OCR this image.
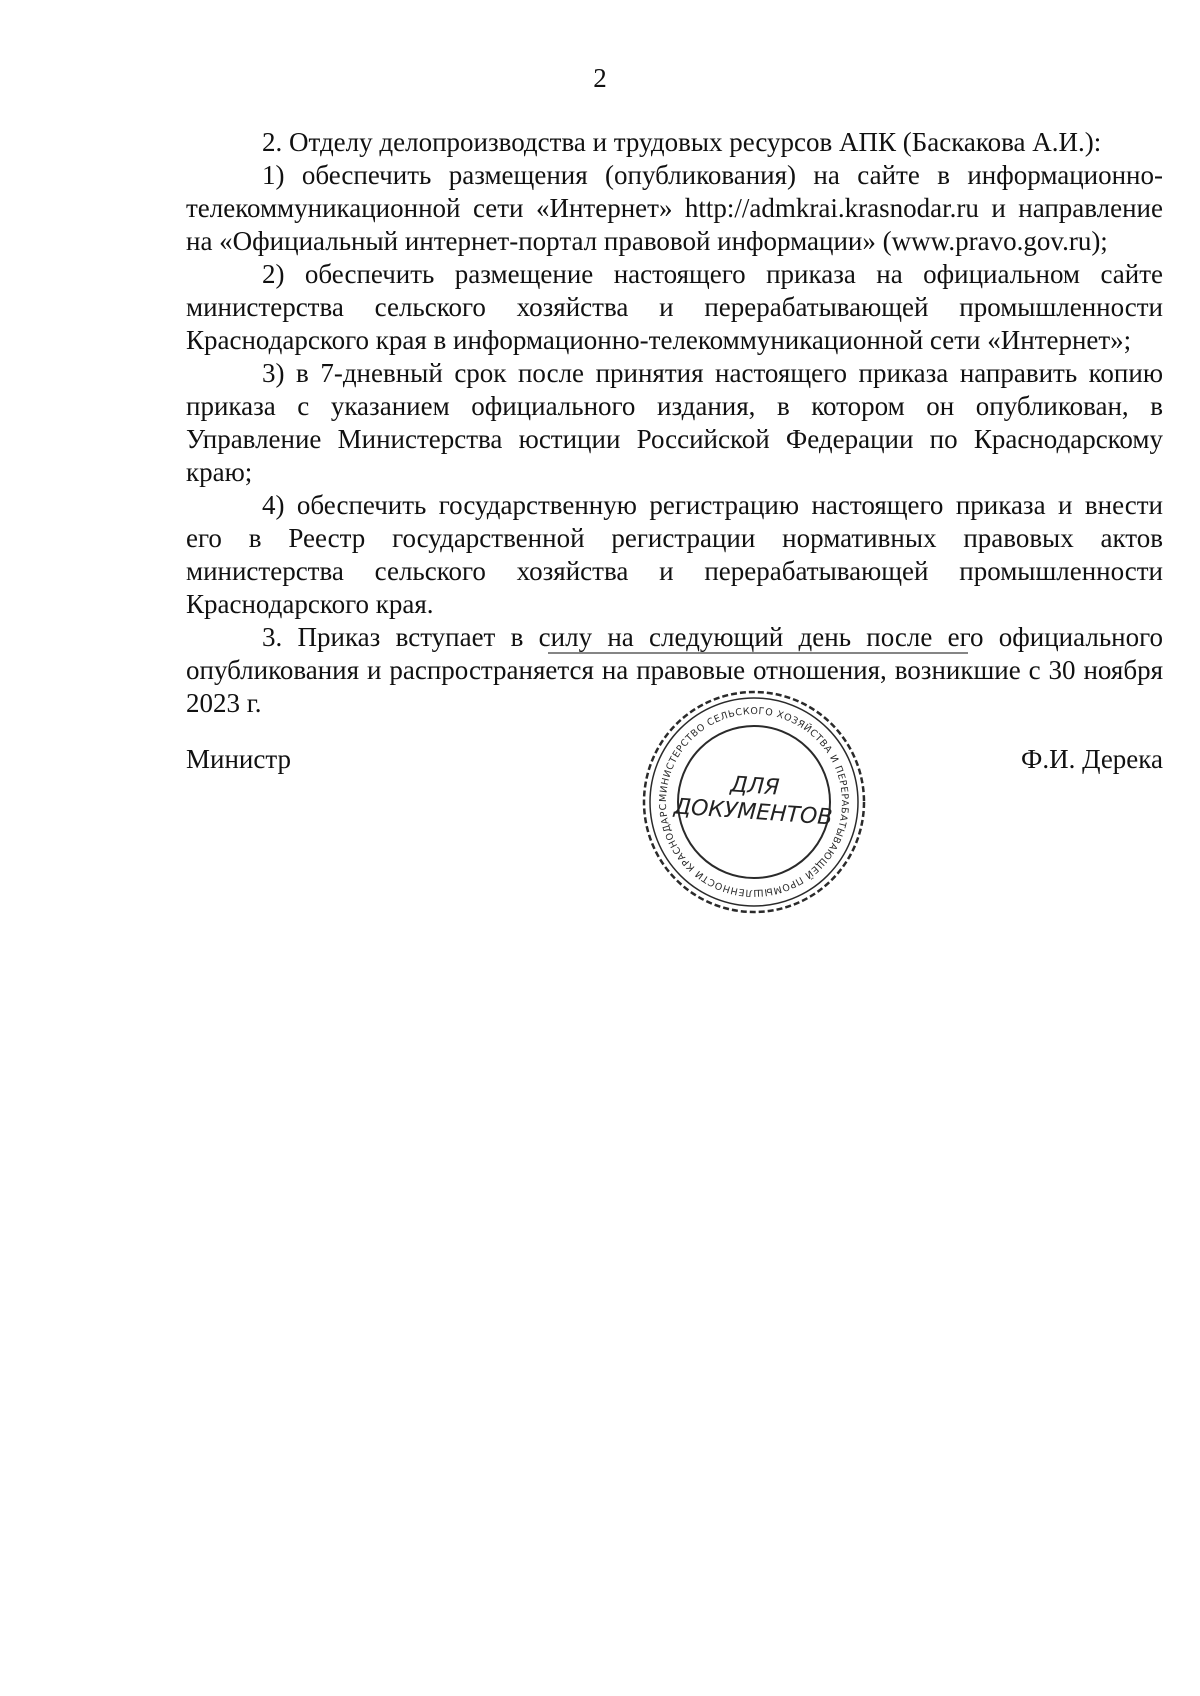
2

2. Отделу делопроизводства и трудовых ресурсов АПК (Баскакова А.И.):

1) обеспечить размещения (опубликования) на сайте в информационно-телекоммуникационной сети «Интернет» http://admkrai.krasnodar.ru и направление на «Официальный интернет-портал правовой информации» (www.pravo.gov.ru);

2) обеспечить размещение настоящего приказа на официальном сайте министерства сельского хозяйства и перерабатывающей промышленности Краснодарского края в информационно-телекоммуникационной сети «Интернет»;

3) в 7-дневный срок после принятия настоящего приказа направить копию приказа с указанием официального издания, в котором он опубликован, в Управление Министерства юстиции Российской Федерации по Краснодарскому краю;

4) обеспечить государственную регистрацию настоящего приказа и внести его в Реестр государственной регистрации нормативных правовых актов министерства сельского хозяйства и перерабатывающей промышленности Краснодарского края.

3. Приказ вступает в силу на следующий день после его официального опубликования и распространяется на правовые отношения, возникшие с 30 ноября 2023 г.

Министр	Ф.И. Дерека
МИНИСТЕРСТВО СЕЛЬСКОГО ХОЗЯЙСТВА И ПЕРЕРАБАТЫВАЮЩЕЙ ПРОМЫШЛЕННОСТИ КРАСНОДАРС
ДЛЯ
ДОКУМЕНТОВ
